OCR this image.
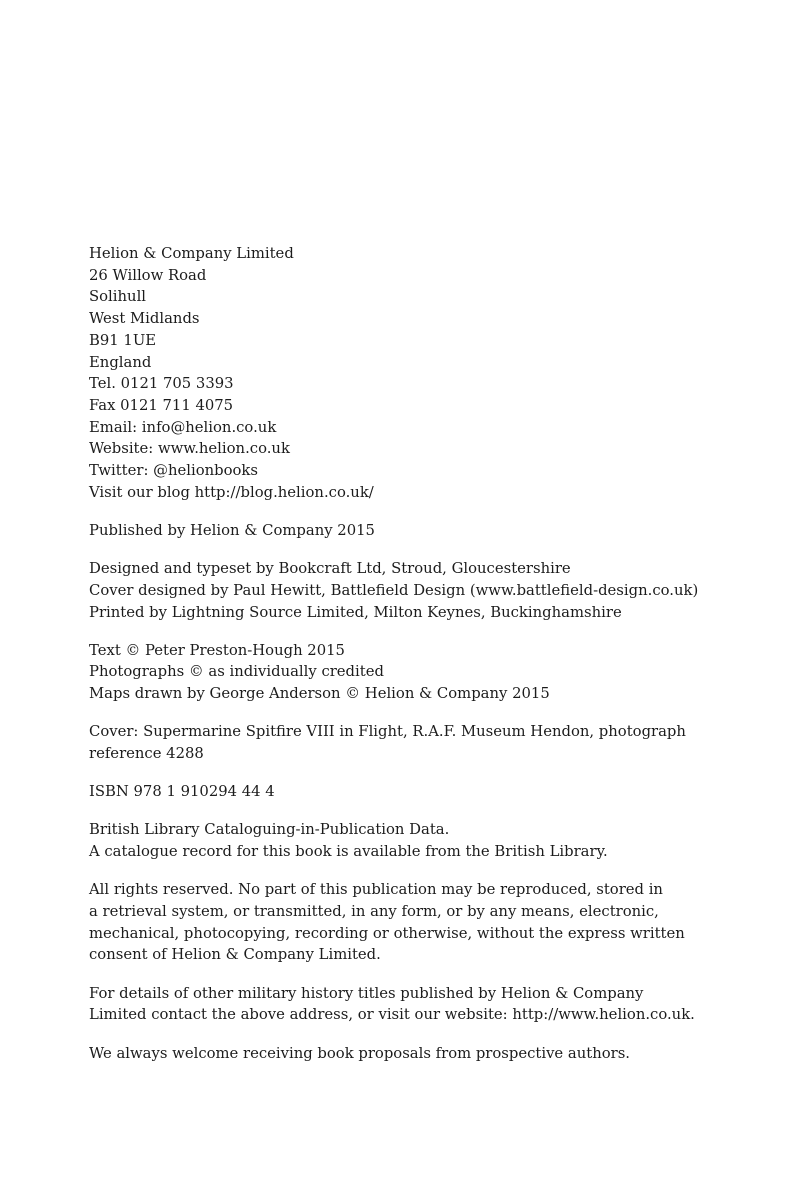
Helion & Company Limited
26 Willow Road
Solihull
West Midlands
B91 1UE
England
Tel. 0121 705 3393
Fax 0121 711 4075
Email: info@helion.co.uk
Website: www.helion.co.uk
Twitter: @helionbooks
Visit our blog http://blog.helion.co.uk/
Published by Helion & Company 2015
Designed and typeset by Bookcraft Ltd, Stroud, Gloucestershire
Cover designed by Paul Hewitt, Battlefield Design (www.battlefield-design.co.uk)
Printed by Lightning Source Limited, Milton Keynes, Buckinghamshire
Text © Peter Preston-Hough 2015
Photographs © as individually credited
Maps drawn by George Anderson © Helion & Company 2015
Cover: Supermarine Spitfire VIII in Flight, R.A.F. Museum Hendon, photograph
reference 4288
ISBN 978 1 910294 44 4
British Library Cataloguing-in-Publication Data.
A catalogue record for this book is available from the British Library.
All rights reserved. No part of this publication may be reproduced, stored in
a retrieval system, or transmitted, in any form, or by any means, electronic,
mechanical, photocopying, recording or otherwise, without the express written
consent of Helion & Company Limited.
For details of other military history titles published by Helion & Company
Limited contact the above address, or visit our website: http://www.helion.co.uk.
We always welcome receiving book proposals from prospective authors.
